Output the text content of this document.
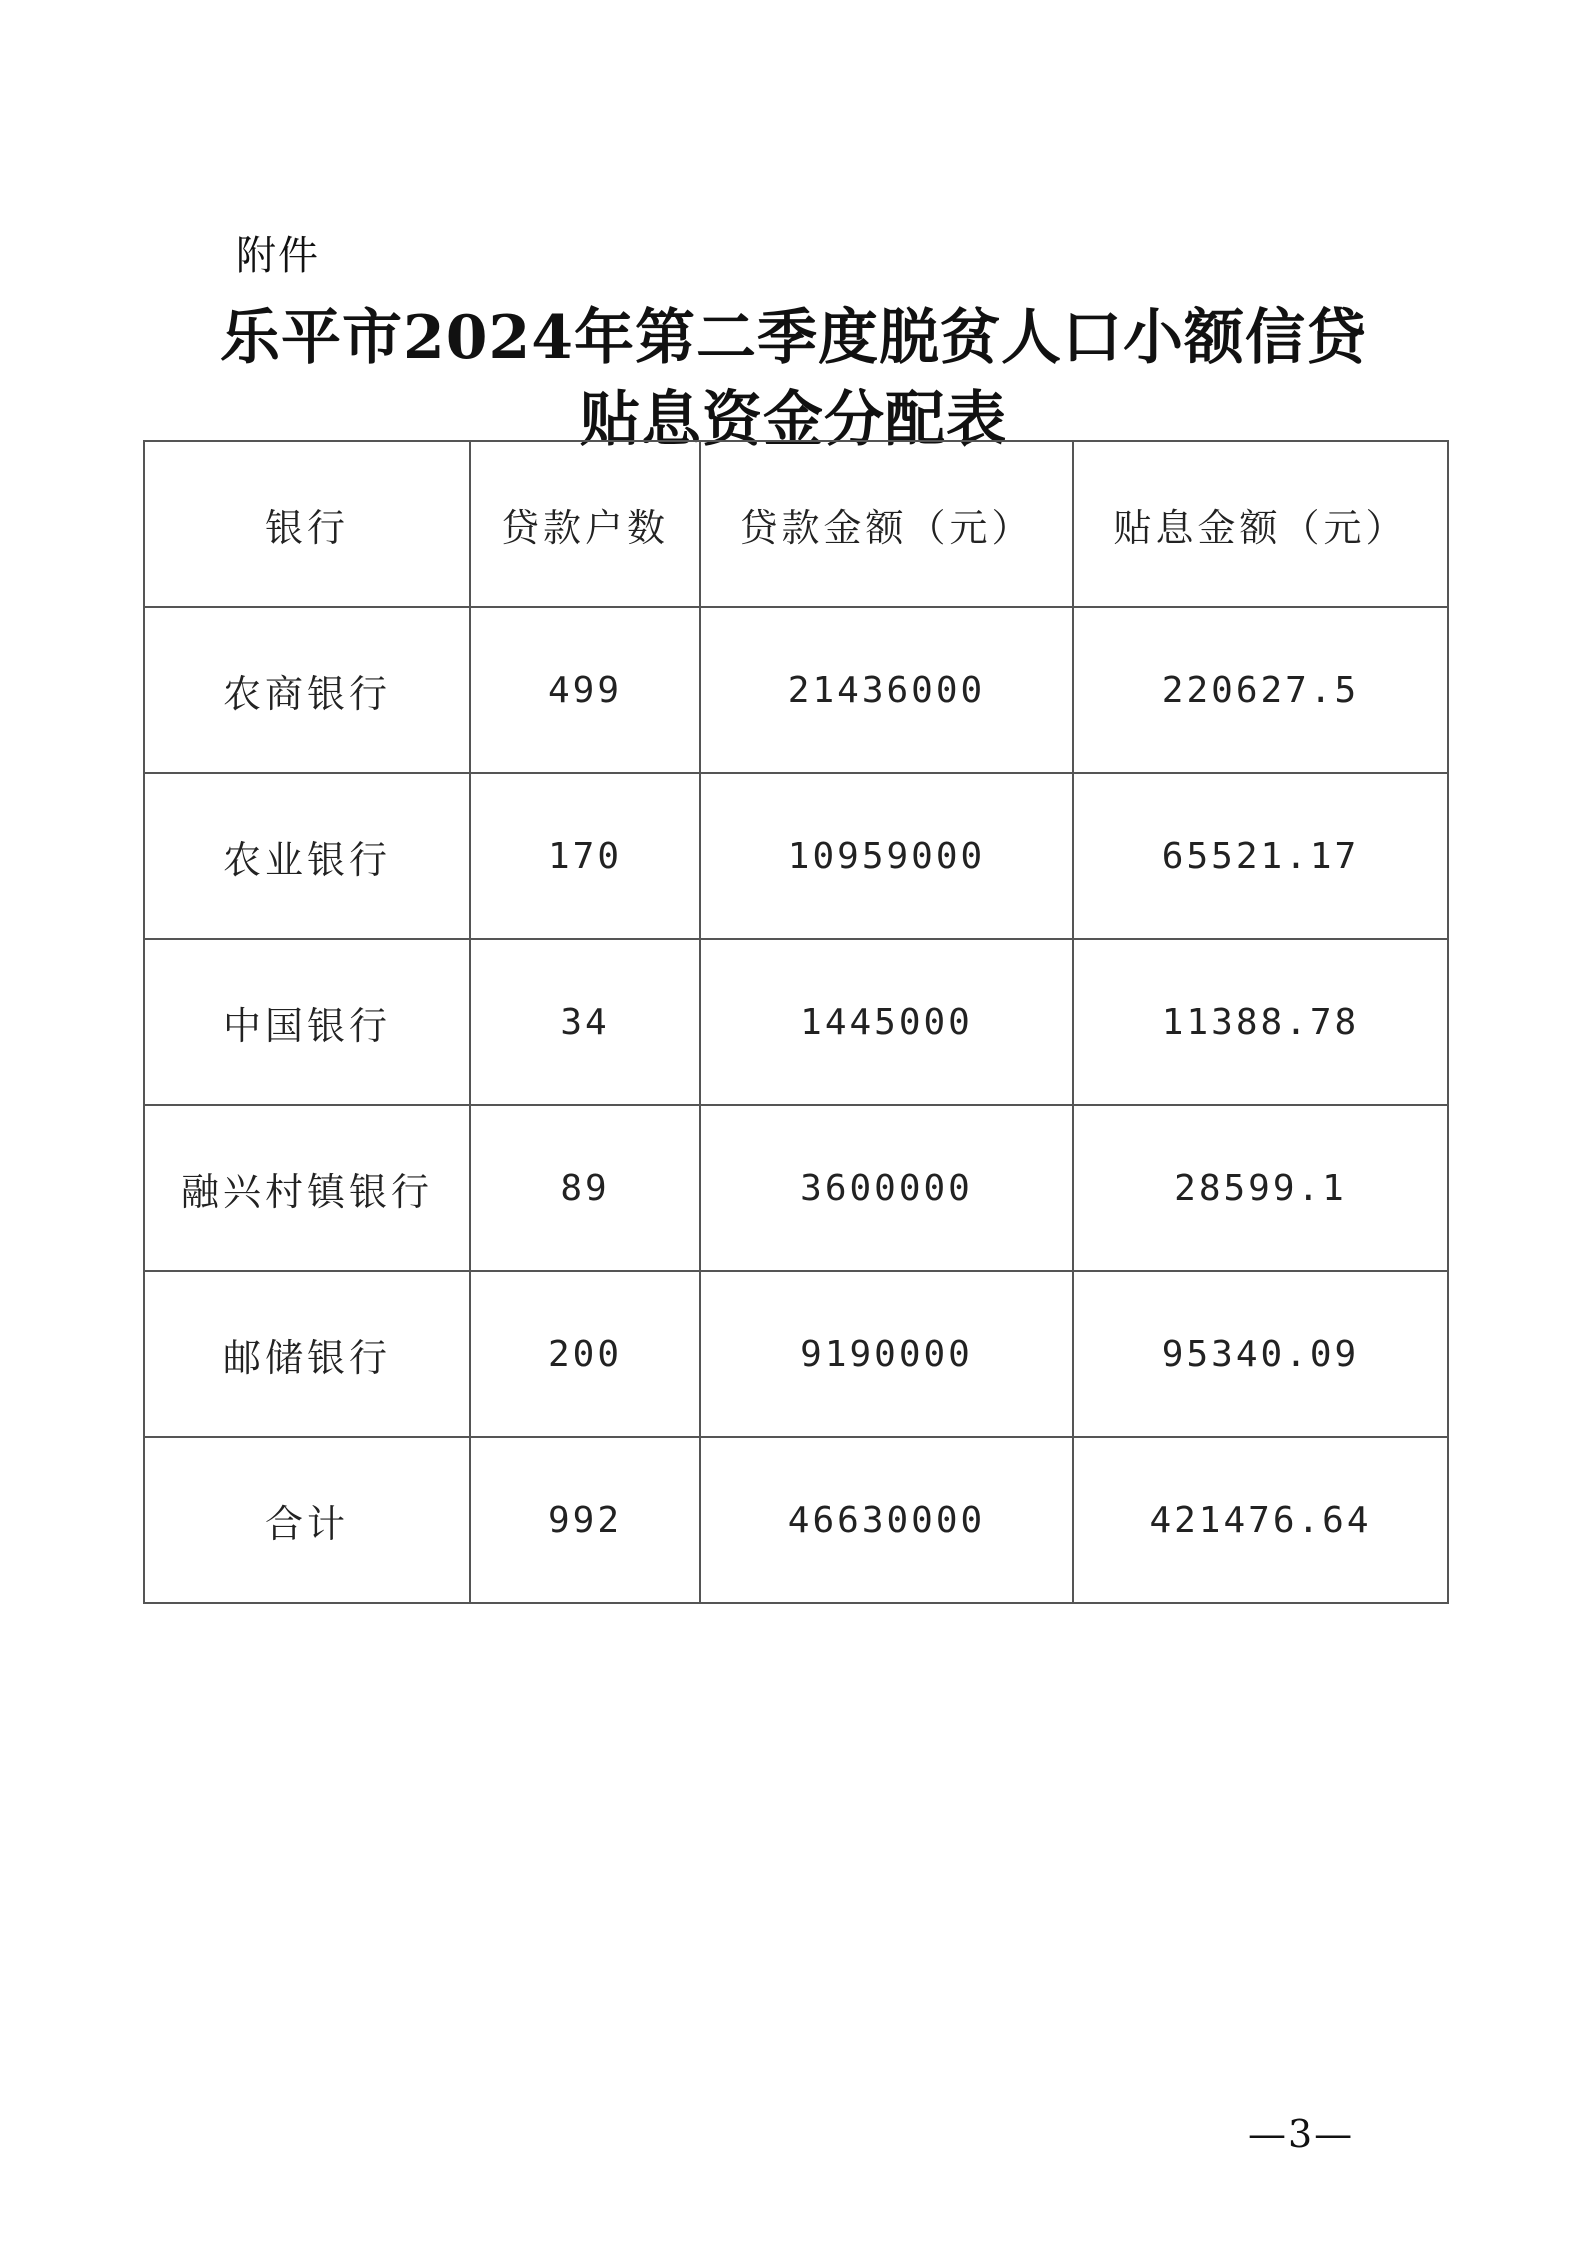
附件
乐平市2024年第二季度脱贫人口小额信贷
贴息资金分配表
银行	贷款户数	贷款金额（元）	贴息金额（元）
农商银行	499	21436000	220627.5
农业银行	170	10959000	65521.17
中国银行	34	1445000	11388.78
融兴村镇银行	89	3600000	28599.1
邮储银行	200	9190000	95340.09
合计	992	46630000	421476.64
—3—
